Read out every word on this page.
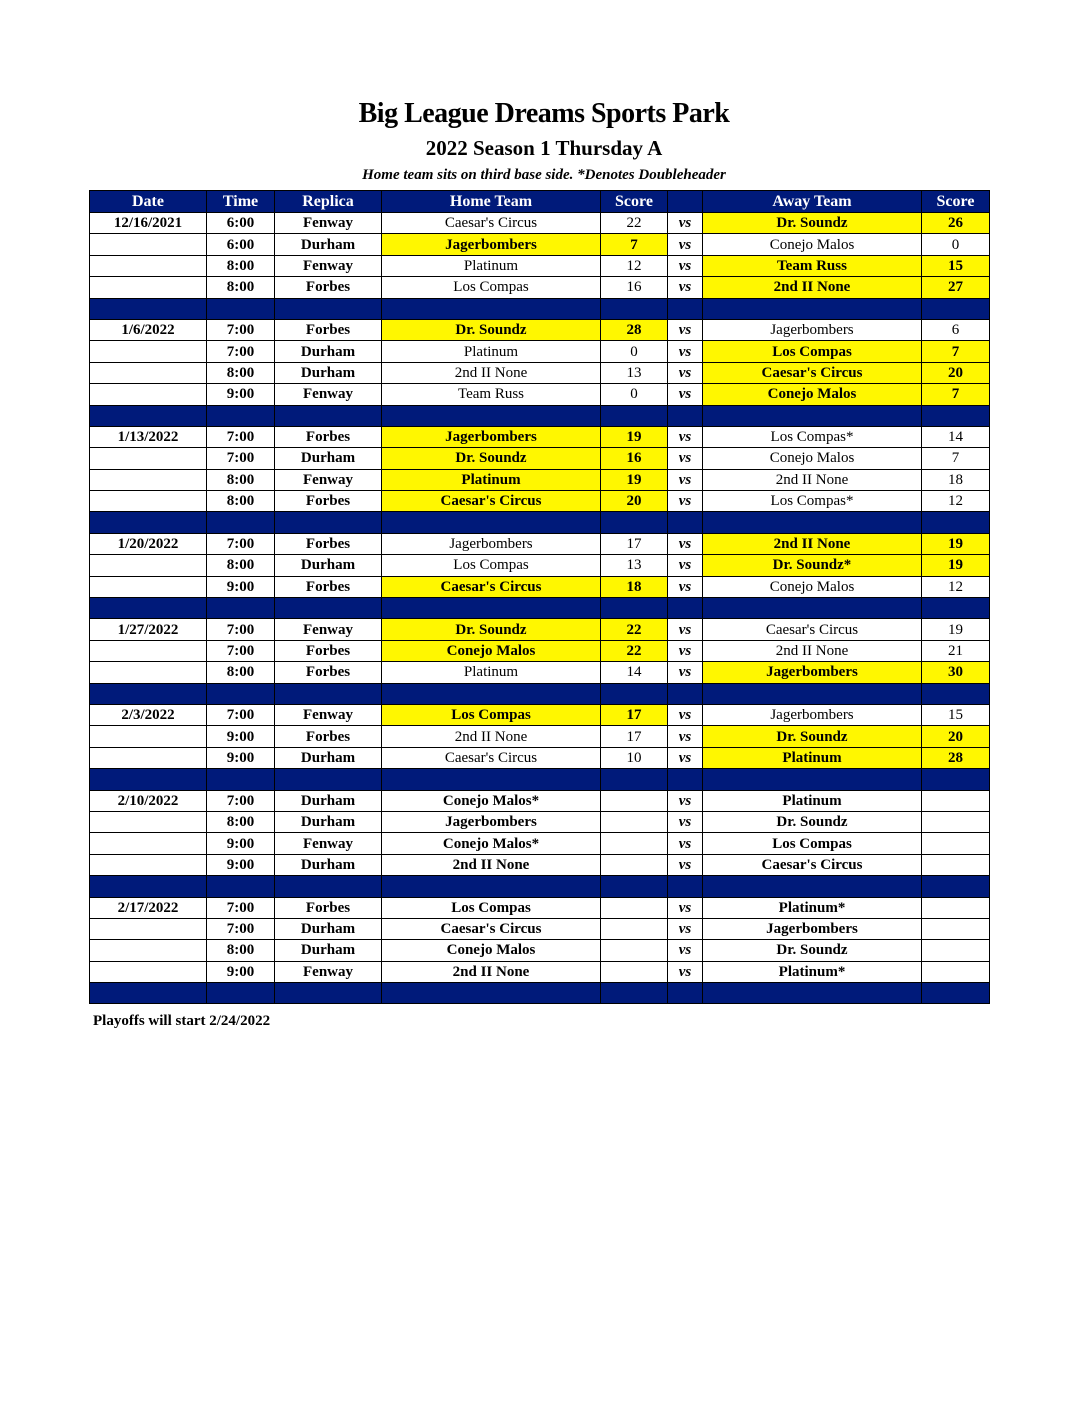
Big League Dreams Sports Park
2022 Season 1 Thursday A
Home team sits on third base side. *Denotes Doubleheader
Date	Time	Replica	Home Team	Score		Away Team	Score
12/16/2021	6:00	Fenway	Caesar's Circus	22	vs	Dr. Soundz	26
	6:00	Durham	Jagerbombers	7	vs	Conejo Malos	0
	8:00	Fenway	Platinum	12	vs	Team Russ	15
	8:00	Forbes	Los Compas	16	vs	2nd II None	27

1/6/2022	7:00	Forbes	Dr. Soundz	28	vs	Jagerbombers	6
	7:00	Durham	Platinum	0	vs	Los Compas	7
	8:00	Durham	2nd II None	13	vs	Caesar's Circus	20
	9:00	Fenway	Team Russ	0	vs	Conejo Malos	7

1/13/2022	7:00	Forbes	Jagerbombers	19	vs	Los Compas*	14
	7:00	Durham	Dr. Soundz	16	vs	Conejo Malos	7
	8:00	Fenway	Platinum	19	vs	2nd II None	18
	8:00	Forbes	Caesar's Circus	20	vs	Los Compas*	12

1/20/2022	7:00	Forbes	Jagerbombers	17	vs	2nd II None	19
	8:00	Durham	Los Compas	13	vs	Dr. Soundz*	19
	9:00	Forbes	Caesar's Circus	18	vs	Conejo Malos	12

1/27/2022	7:00	Fenway	Dr. Soundz	22	vs	Caesar's Circus	19
	7:00	Forbes	Conejo Malos	22	vs	2nd II None	21
	8:00	Forbes	Platinum	14	vs	Jagerbombers	30

2/3/2022	7:00	Fenway	Los Compas	17	vs	Jagerbombers	15
	9:00	Forbes	2nd II None	17	vs	Dr. Soundz	20
	9:00	Durham	Caesar's Circus	10	vs	Platinum	28

2/10/2022	7:00	Durham	Conejo Malos*		vs	Platinum	
	8:00	Durham	Jagerbombers		vs	Dr. Soundz	
	9:00	Fenway	Conejo Malos*		vs	Los Compas	
	9:00	Durham	2nd II None		vs	Caesar's Circus	

2/17/2022	7:00	Forbes	Los Compas		vs	Platinum*	
	7:00	Durham	Caesar's Circus		vs	Jagerbombers	
	8:00	Durham	Conejo Malos		vs	Dr. Soundz	
	9:00	Fenway	2nd II None		vs	Platinum*	

Playoffs will start 2/24/2022
